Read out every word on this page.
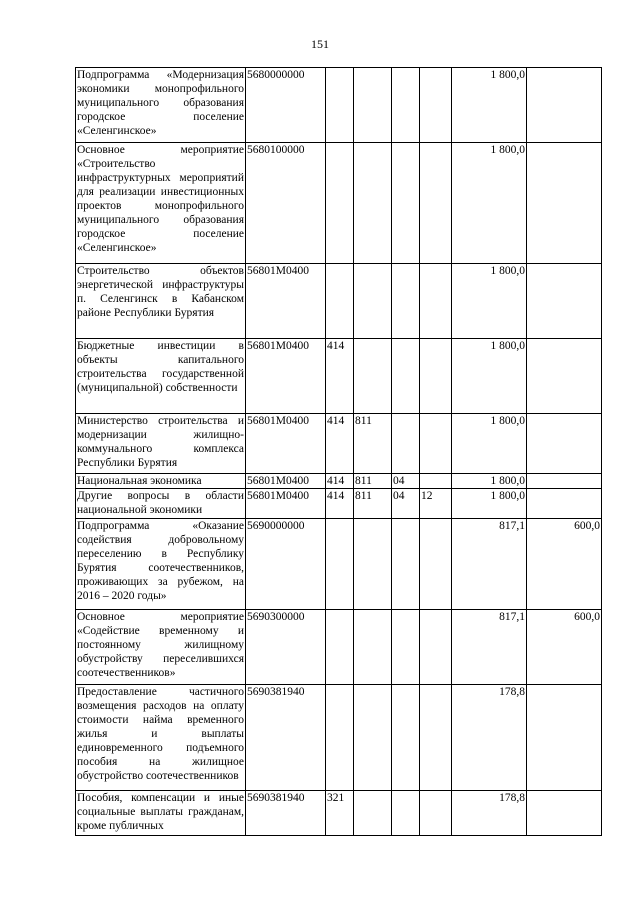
151
Подпрограмма «Модернизация экономики монопрофильного муниципального образования городское поселение «Селенгинское»	5680000000					1 800,0	
Основное мероприятие «Строительство инфраструктурных мероприятий для реализации инвестиционных проектов монопрофильного муниципального образования городское поселение «Селенгинское»	5680100000					1 800,0	
Строительство объектов энергетической инфраструктуры п. Селенгинск в Кабанском районе Республики Бурятия	56801М0400					1 800,0	
Бюджетные инвестиции в объекты капитального строительства государственной (муниципальной) собственности	56801М0400	414				1 800,0	
Министерство строительства и модернизации жилищно-коммунального комплекса Республики Бурятия	56801М0400	414	811			1 800,0	
Национальная экономика	56801М0400	414	811	04		1 800,0	
Другие вопросы в области национальной экономики	56801М0400	414	811	04	12	1 800,0	
Подпрограмма «Оказание содействия добровольному переселению в Республику Бурятия соотечественников, проживающих за рубежом, на 2016 – 2020 годы»	5690000000					817,1	600,0
Основное мероприятие «Содействие временному и постоянному жилищному обустройству переселившихся соотечественников»	5690300000					817,1	600,0
Предоставление частичного возмещения расходов на оплату стоимости найма временного жилья и выплаты единовременного подъемного пособия на жилищное обустройство соотечественников	5690381940					178,8	
Пособия, компенсации и иные социальные выплаты гражданам, кроме публичных	5690381940	321				178,8	
